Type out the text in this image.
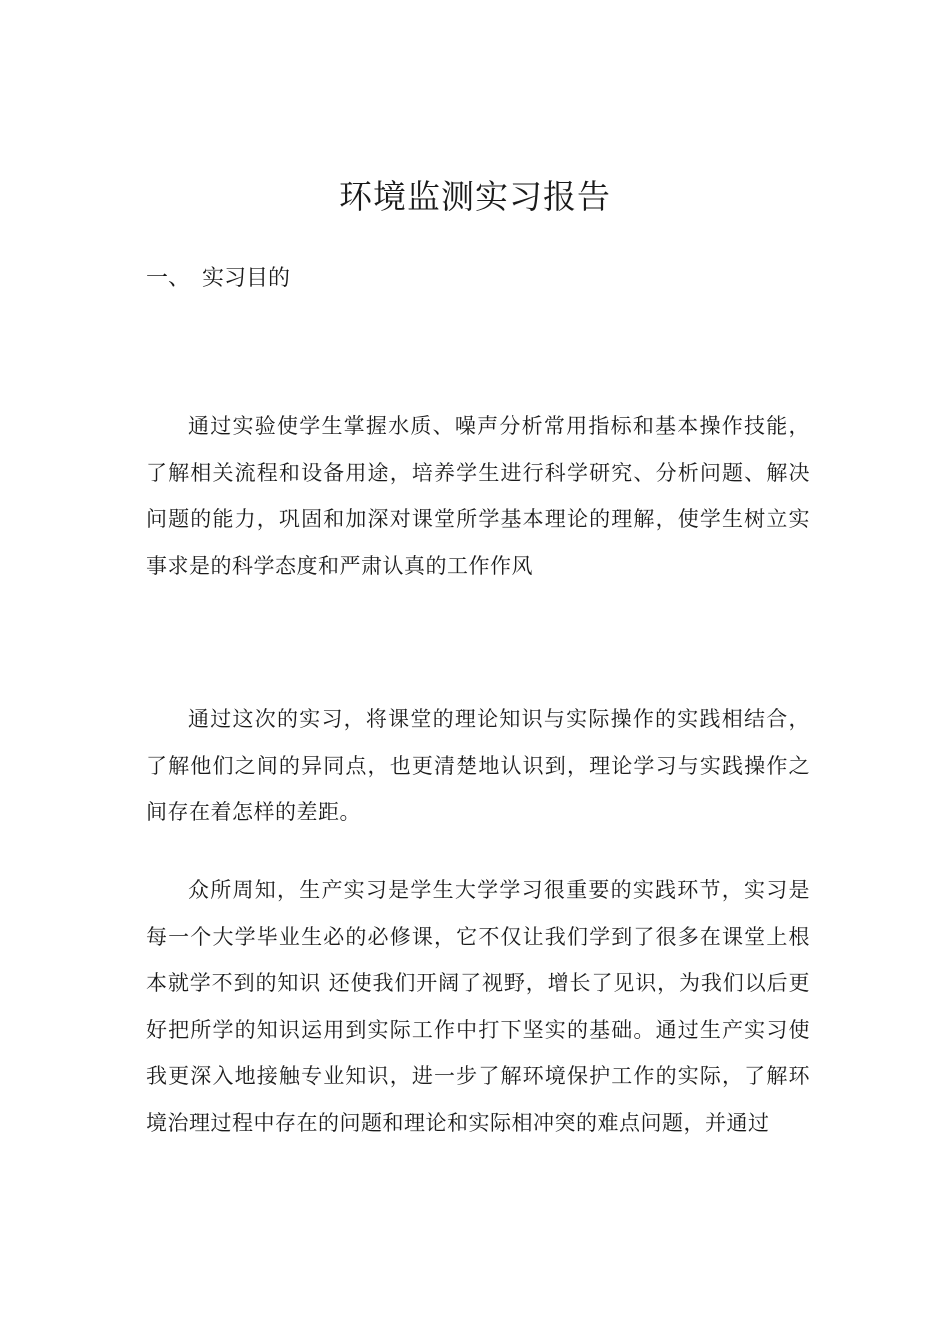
环境监测实习报告
一、 实习目的

通过实验使学生掌握水质、噪声分析常用指标和基本操作技能，了解相关流程和设备用途，培养学生进行科学研究、分析问题、解决问题的能力，巩固和加深对课堂所学基本理论的理解，使学生树立实事求是的科学态度和严肃认真的工作作风

通过这次的实习，将课堂的理论知识与实际操作的实践相结合，了解他们之间的异同点，也更清楚地认识到，理论学习与实践操作之间存在着怎样的差距。

众所周知，生产实习是学生大学学习很重要的实践环节，实习是每一个大学毕业生必的必修课，它不仅让我们学到了很多在课堂上根本就学不到的知识 还使我们开阔了视野，增长了见识，为我们以后更好把所学的知识运用到实际工作中打下坚实的基础。通过生产实习使我更深入地接触专业知识，进一步了解环境保护工作的实际，了解环境治理过程中存在的问题和理论和实际相冲突的难点问题，并通过
